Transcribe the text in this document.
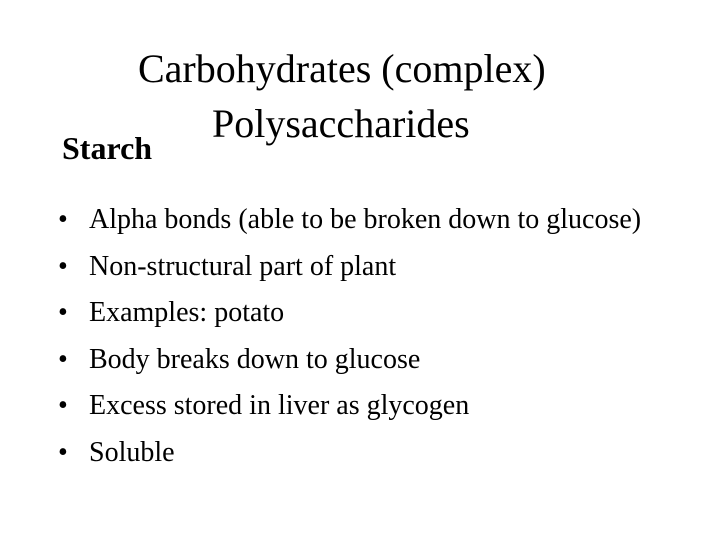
Carbohydrates (complex)
Polysaccharides
Starch
• Alpha bonds (able to be broken down to glucose)
• Non-structural part of plant
• Examples: potato
• Body breaks down to glucose
• Excess stored in liver as glycogen
• Soluble
